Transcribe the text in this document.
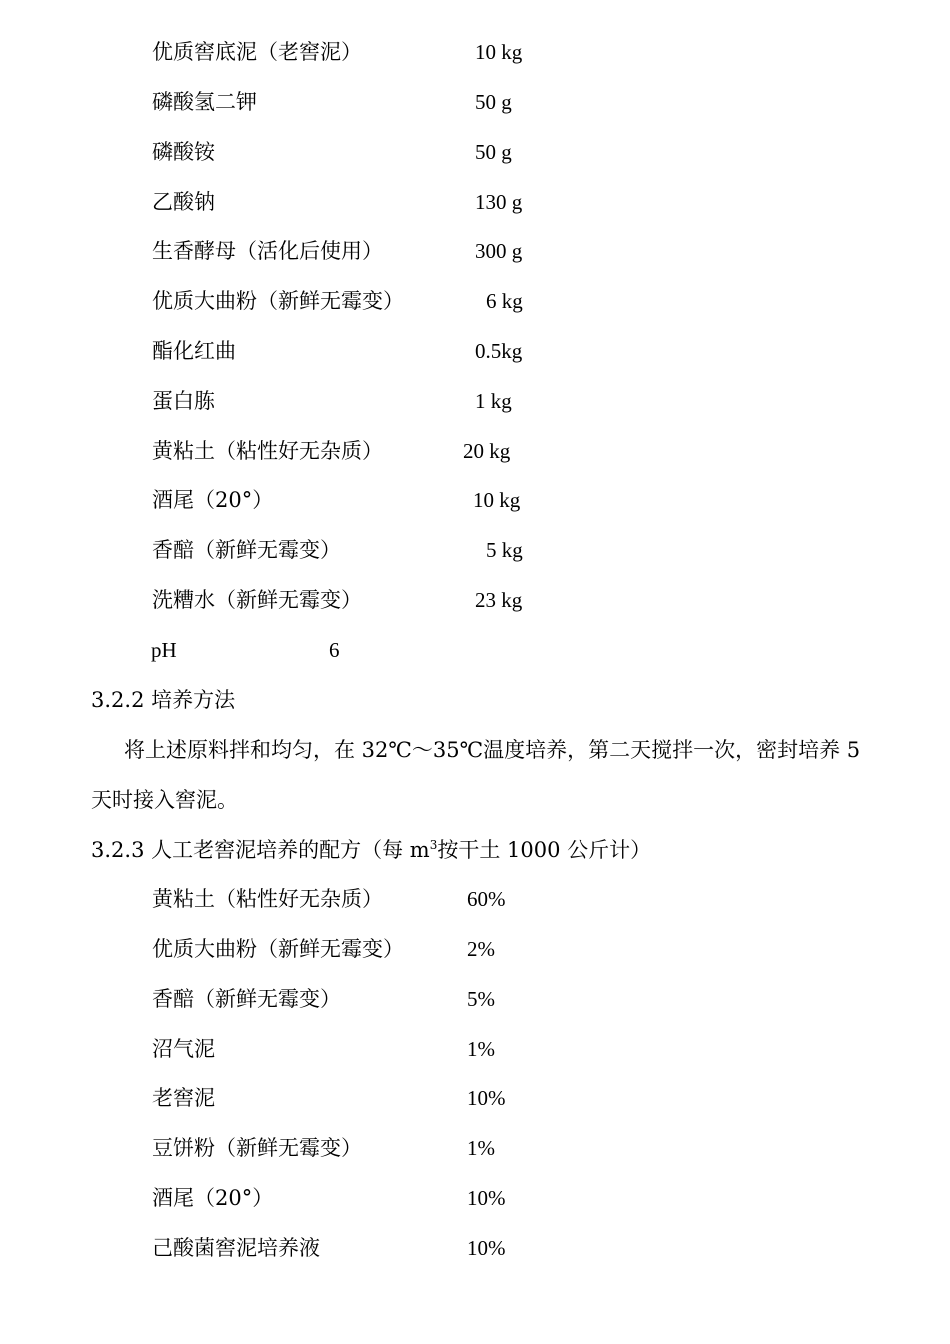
优质窖底泥（老窖泥）	10 kg
磷酸氢二钾	50 g
磷酸铵	50 g
乙酸钠	130 g
生香酵母（活化后使用）	300 g
优质大曲粉（新鲜无霉变）	6 kg
酯化红曲	0.5kg
蛋白胨	1 kg
黄粘土（粘性好无杂质）	20 kg
酒尾（20°）	10 kg
香醅（新鲜无霉变）	5 kg
洗糟水（新鲜无霉变）	23 kg
pH	6
3.2.2 培养方法
将上述原料拌和均匀，在 32℃～35℃温度培养，第二天搅拌一次，密封培养 5
天时接入窖泥。
3.2.3 人工老窖泥培养的配方（每 $m^3$按干土 1000 公斤计）
黄粘土（粘性好无杂质）	60%
优质大曲粉（新鲜无霉变）	2%
香醅（新鲜无霉变）	5%
沼气泥	1%
老窖泥	10%
豆饼粉（新鲜无霉变）	1%
酒尾（20°）	10%
己酸菌窖泥培养液	10%
